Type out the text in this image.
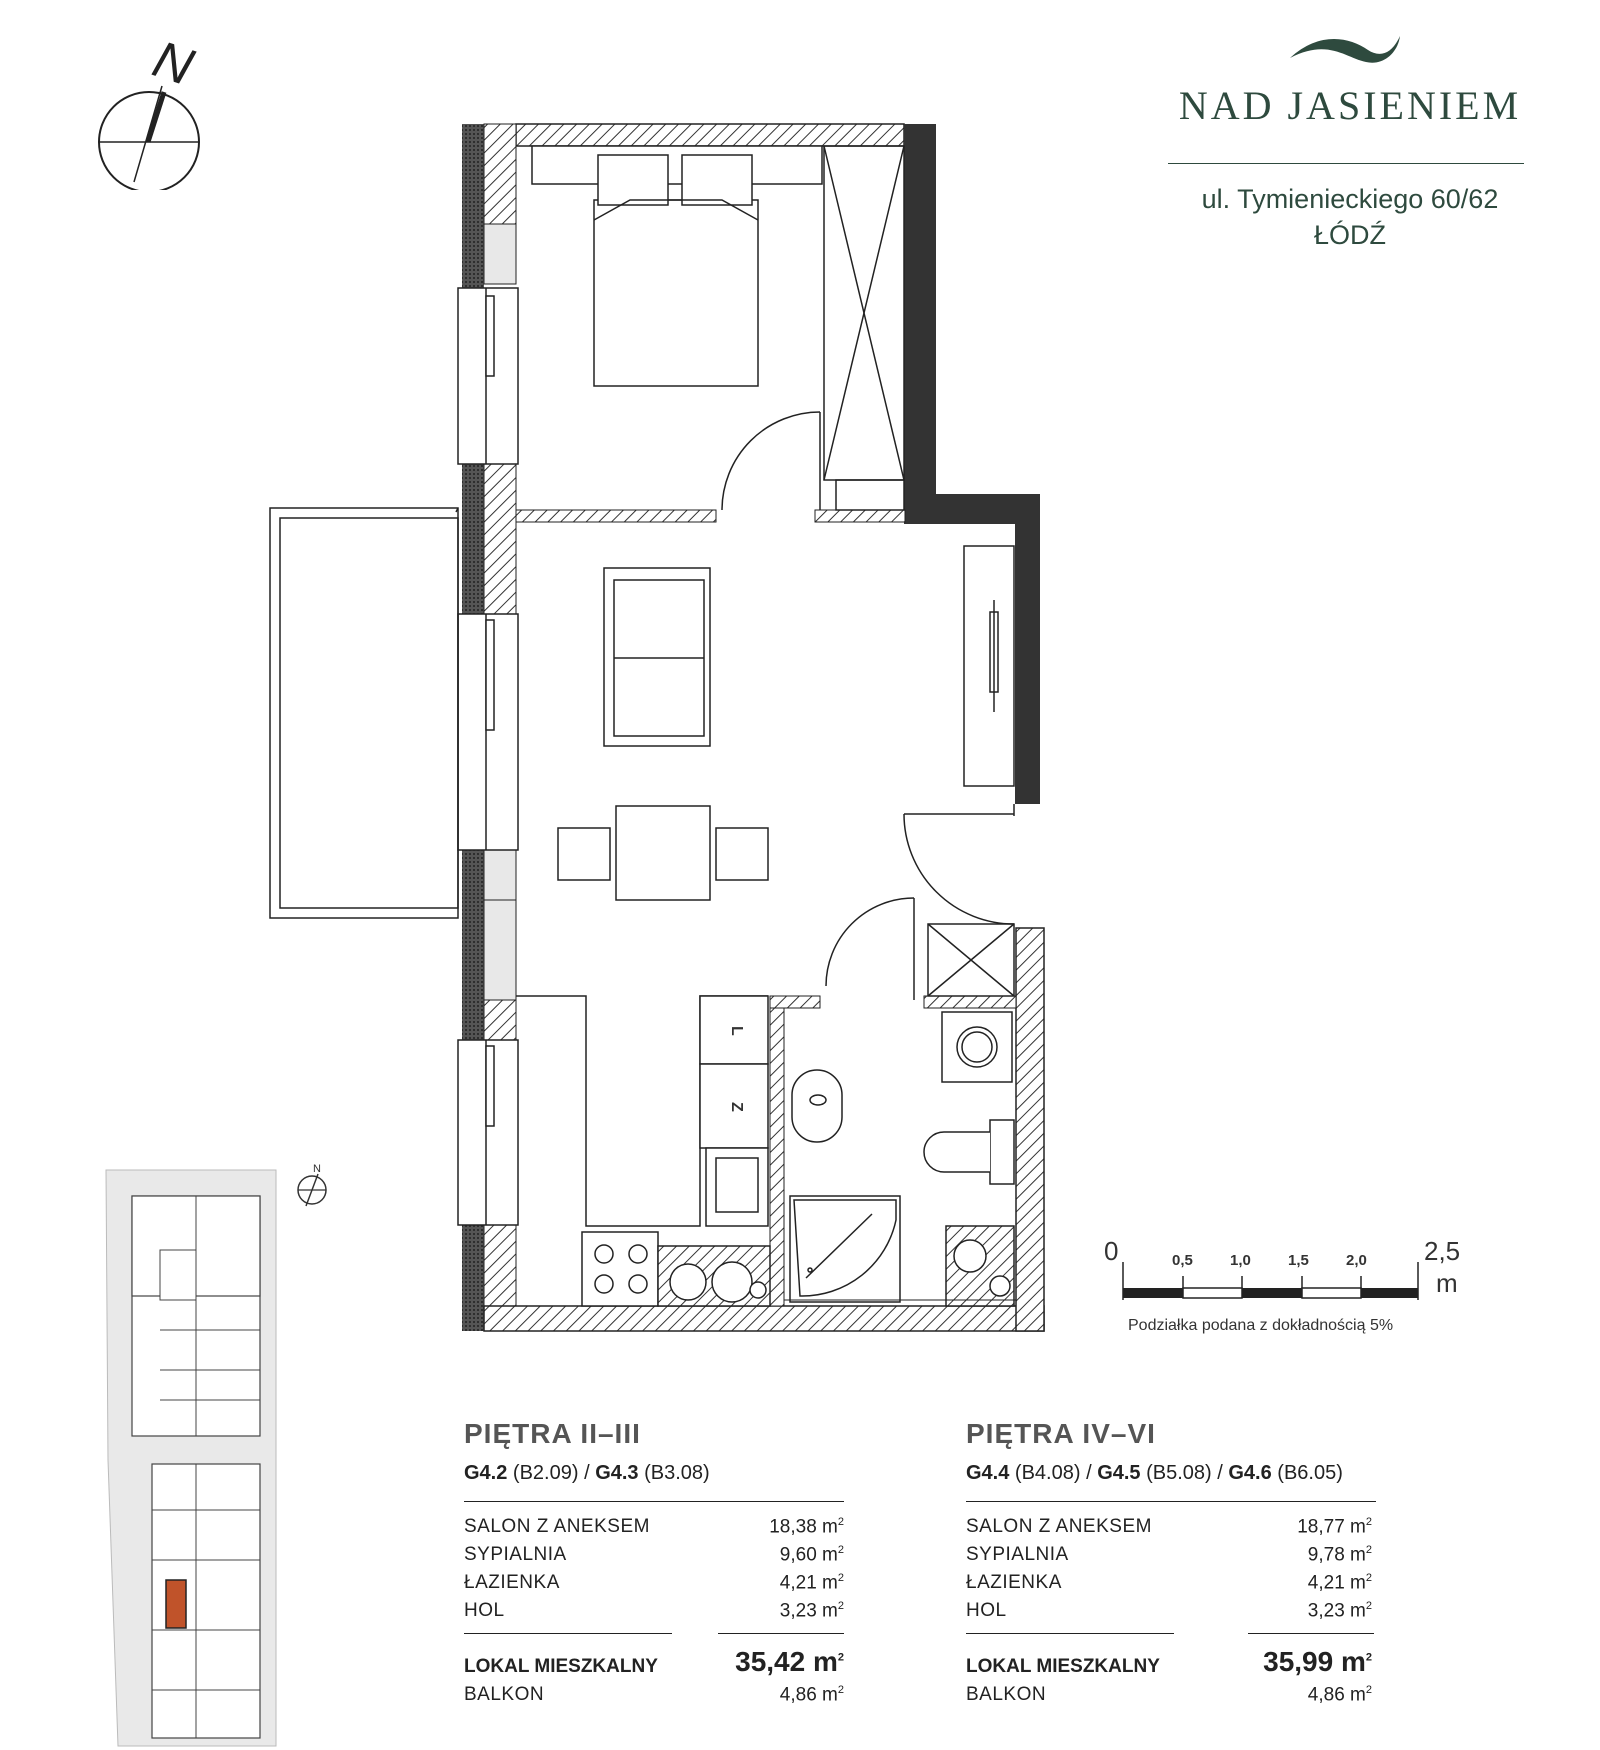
N
NAD JASIENIEM
ul. Tymienieckiego 60/62
ŁÓDŹ
L
Z
N
0	0,5 1,0 1,5 2,0 2,5
m
Podziałka podana z dokładnością 5%
PIĘTRA II–III
G4.2 (B2.09) / G4.3 (B3.08)
SALON Z ANEKSEM	18,38 $m^2$
SYPIALNIA	9,60 $m^2$
ŁAZIENKA	4,21 $m^2$
HOL	3,23 $m^2$
LOKAL MIESZKALNY	35,42 $m^2$
BALKON	4,86 $m^2$
PIĘTRA IV–VI
G4.4 (B4.08) / G4.5 (B5.08) / G4.6 (B6.05)
SALON Z ANEKSEM	18,77 $m^2$
SYPIALNIA	9,78 $m^2$
ŁAZIENKA	4,21 $m^2$
HOL	3,23 $m^2$
LOKAL MIESZKALNY	35,99 $m^2$
BALKON	4,86 $m^2$
